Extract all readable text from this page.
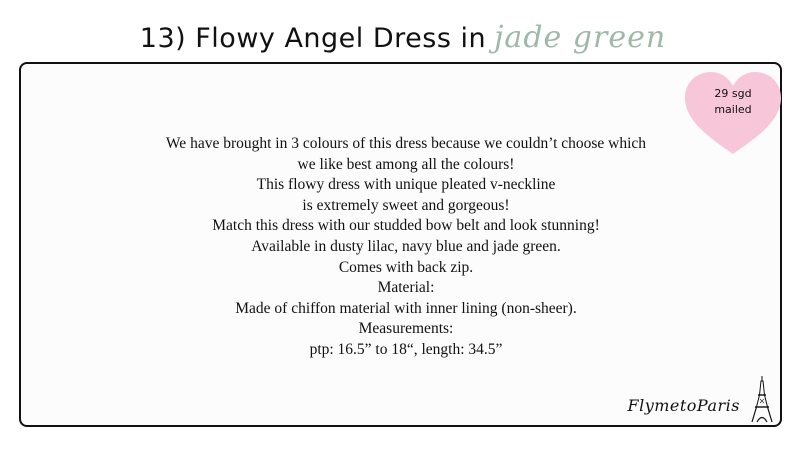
13) Flowy Angel Dress in jade green
29 sgd
mailed
We have brought in 3 colours of this dress because we couldn’t choose which
we like best among all the colours!
This flowy dress with unique pleated v-neckline
is extremely sweet and gorgeous!
Match this dress with our studded bow belt and look stunning!
Available in dusty lilac, navy blue and jade green.
Comes with back zip.
Material:
Made of chiffon material with inner lining (non-sheer).
Measurements:
ptp: 16.5” to 18“, length: 34.5”
FlymetoParis
